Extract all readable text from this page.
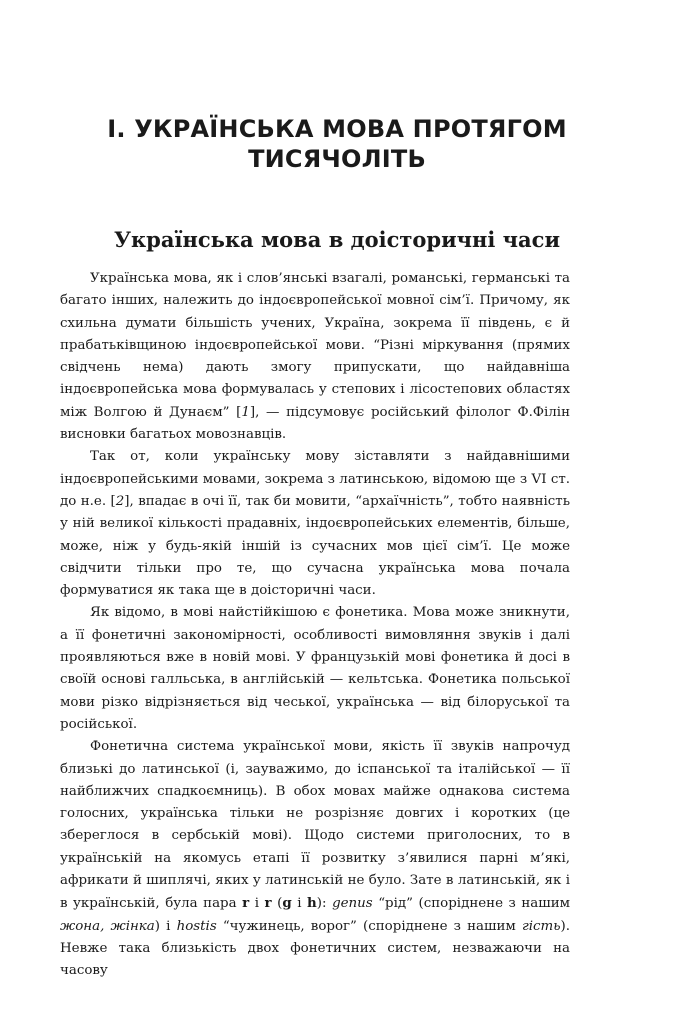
І. УКРАЇНСЬКА МОВА ПРОТЯГОМ
ТИСЯЧОЛІТЬ
Українська мова в доісторичні часи

Українська мова, як і слов’янські взагалі, романські, германські та багато інших, належить до індоєвропейської мовної сім’ї. Причому, як схильна думати більшість учених, Україна, зокрема її південь, є й прабатьківщиною індоєвропейської мови. “Різні міркування (прямих свідчень нема) дають змогу припускати, що найдавніша індоєвропейська мова формувалась у степових і лісостепових областях між Волгою й Дунаєм” [1], — підсумовує російський філолог Ф.Філін висновки багатьох мовознавців.

Так от, коли українську мову зіставляти з найдавнішими індоєвропейськими мовами, зокрема з латинською, відомою ще з VI ст. до н.е. [2], впадає в очі її, так би мовити, “архаїчність”, тобто наявність у ній великої кількості прадавніх, індоєвропейських елементів, більше, може, ніж у будь-якій іншій із сучасних мов цієї сім’ї. Це може свідчити тільки про те, що сучасна українська мова почала формуватися як така ще в доісторичні часи.

Як відомо, в мові найстійкішою є фонетика. Мова може зникнути, а її фонетичні закономірності, особливості вимовляння звуків і далі проявляються вже в новій мові. У французькій мові фонетика й досі в своїй основі галльська, в англійській — кельтська. Фонетика польської мови різко відрізняється від чеської, українська — від білоруської та російської.

Фонетична система української мови, якість її звуків напрочуд близькі до латинської (і, зауважимо, до іспанської та італійської — її найближчих спадкоємниць). В обох мовах майже однакова система голосних, українська тільки не розрізняє довгих і коротких (це збереглося в сербській мові). Щодо системи приголосних, то в українській на якомусь етапі її розвитку з’явилися парні м’які, африкати й шиплячі, яких у латинській не було. Зате в латинській, як і в українській, була пара r і r (g і h): genus “рід” (споріднене з нашим жона, жінка) і hostis “чужинець, ворог” (споріднене з нашим гість). Невже така близькість двох фонетичних систем, незважаючи на часову
